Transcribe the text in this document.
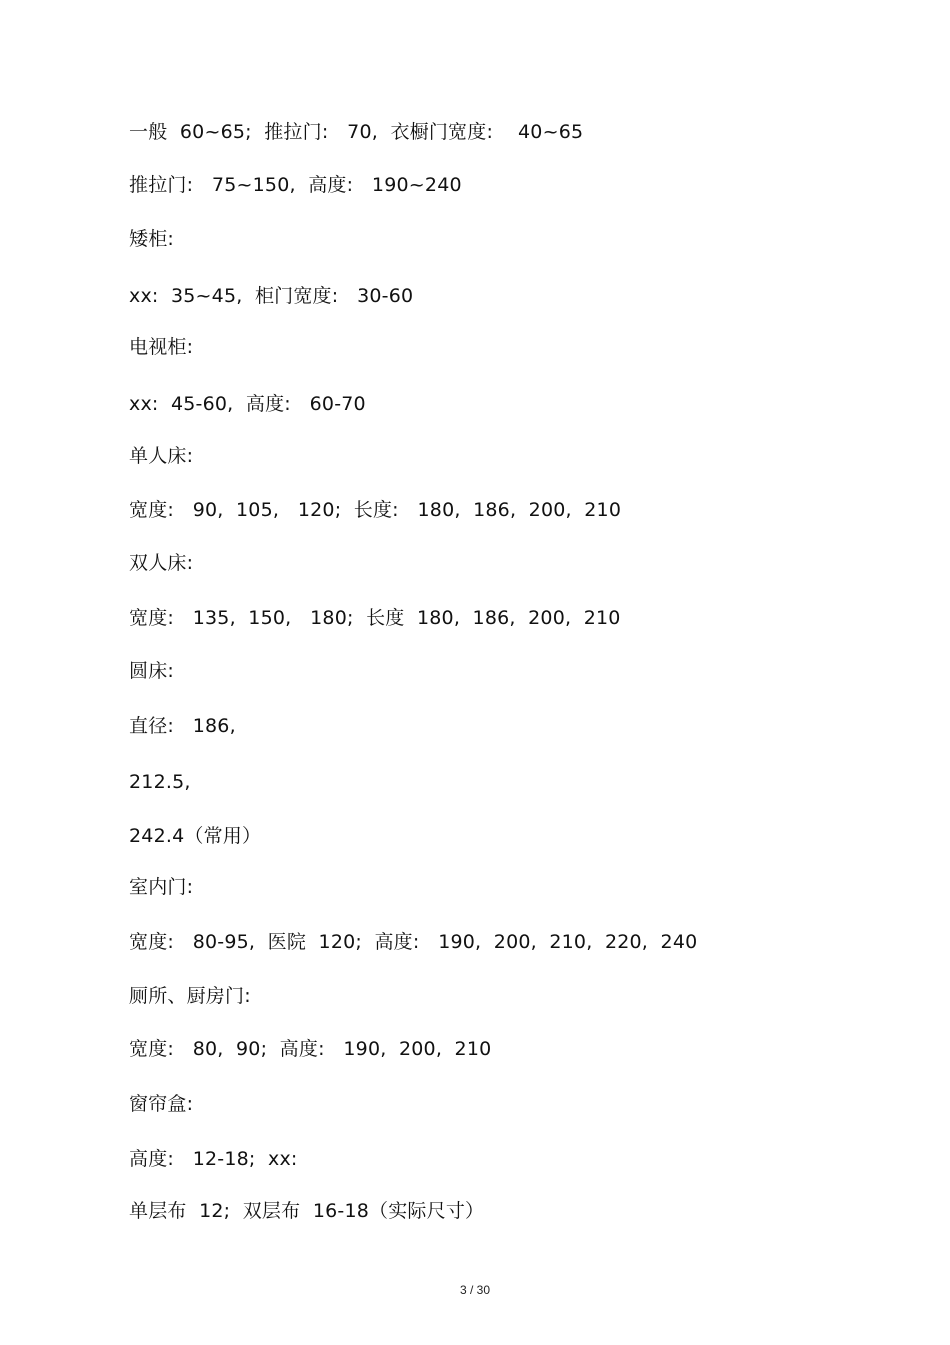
一般  60~65;  推拉门:   70,  衣橱门宽度:    40~65
推拉门:   75~150,  高度:   190~240
矮柜:
xx:  35~45,  柜门宽度:   30-60
电视柜:
xx:  45-60,  高度:   60-70
单人床:
宽度:   90,  105,   120;  长度:   180,  186,  200,  210
双人床:
宽度:   135,  150,   180;  长度  180,  186,  200,  210
圆床:
直径:   186,
212.5,
242.4（常用）
室内门:
宽度:   80-95,  医院  120;  高度:   190,  200,  210,  220,  240
厕所、厨房门:
宽度:   80,  90;  高度:   190,  200,  210
窗帘盒:
高度:   12-18;  xx:
单层布  12;  双层布  16-18（实际尺寸）
3 / 30
